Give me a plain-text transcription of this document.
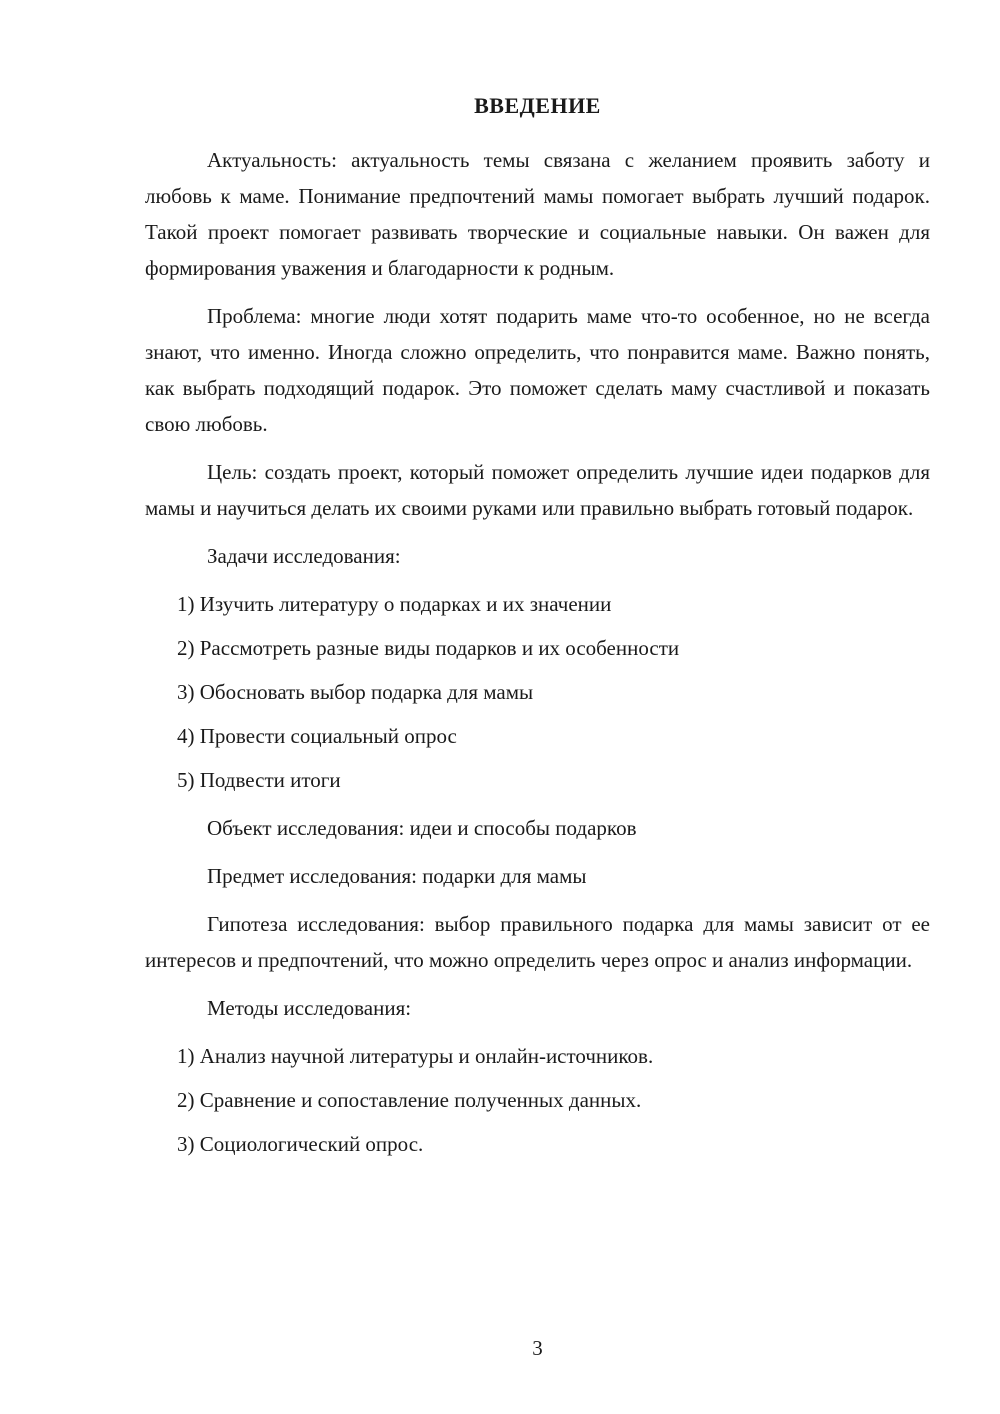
ВВЕДЕНИЕ

Актуальность: актуальность темы связана с желанием проявить заботу и любовь к маме. Понимание предпочтений мамы помогает выбрать лучший подарок. Такой проект помогает развивать творческие и социальные навыки. Он важен для формирования уважения и благодарности к родным.

Проблема: многие люди хотят подарить маме что-то особенное, но не всегда знают, что именно. Иногда сложно определить, что понравится маме. Важно понять, как выбрать подходящий подарок. Это поможет сделать маму счастливой и показать свою любовь.

Цель: создать проект, который поможет определить лучшие идеи подарков для мамы и научиться делать их своими руками или правильно выбрать готовый подарок.

Задачи исследования:

1) Изучить литературу о подарках и их значении
2) Рассмотреть разные виды подарков и их особенности
3) Обосновать выбор подарка для мамы
4) Провести социальный опрос
5) Подвести итоги

Объект исследования: идеи и способы подарков

Предмет исследования: подарки для мамы

Гипотеза исследования: выбор правильного подарка для мамы зависит от ее интересов и предпочтений, что можно определить через опрос и анализ информации.

Методы исследования:

1) Анализ научной литературы и онлайн-источников.
2) Сравнение и сопоставление полученных данных.
3) Социологический опрос.
3
